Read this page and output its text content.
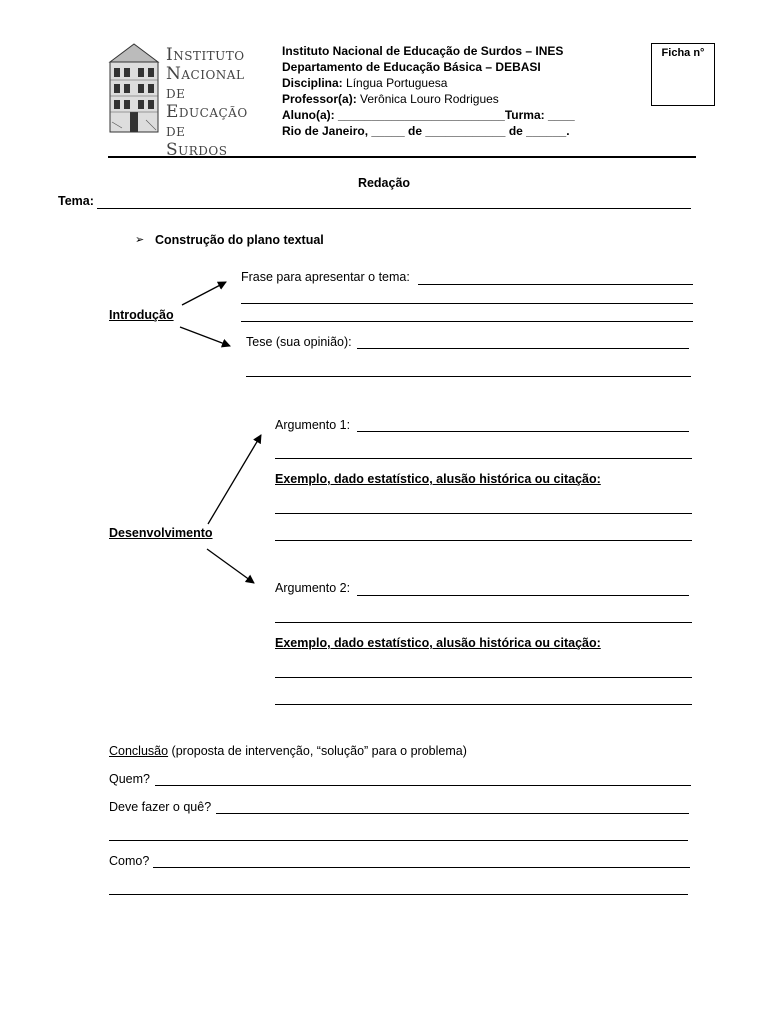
Instituto
Nacional de
Educação de
Surdos
Instituto Nacional de Educação de Surdos – INES
Departamento de Educação Básica – DEBASI
Disciplina: Língua Portuguesa
Professor(a): Verônica Louro Rodrigues
Aluno(a): _________________________Turma: ____
Rio de Janeiro, _____ de ____________ de ______.
Ficha n°
Redação
Tema:
➢ Construção do plano textual
Introdução
Frase para apresentar o tema:
Tese (sua opinião):
Desenvolvimento
Argumento 1:
Exemplo, dado estatístico, alusão histórica ou citação:
Argumento 2:
Exemplo, dado estatístico, alusão histórica ou citação:
Conclusão (proposta de intervenção, “solução” para o problema)
Quem?
Deve fazer o quê?
Como?
